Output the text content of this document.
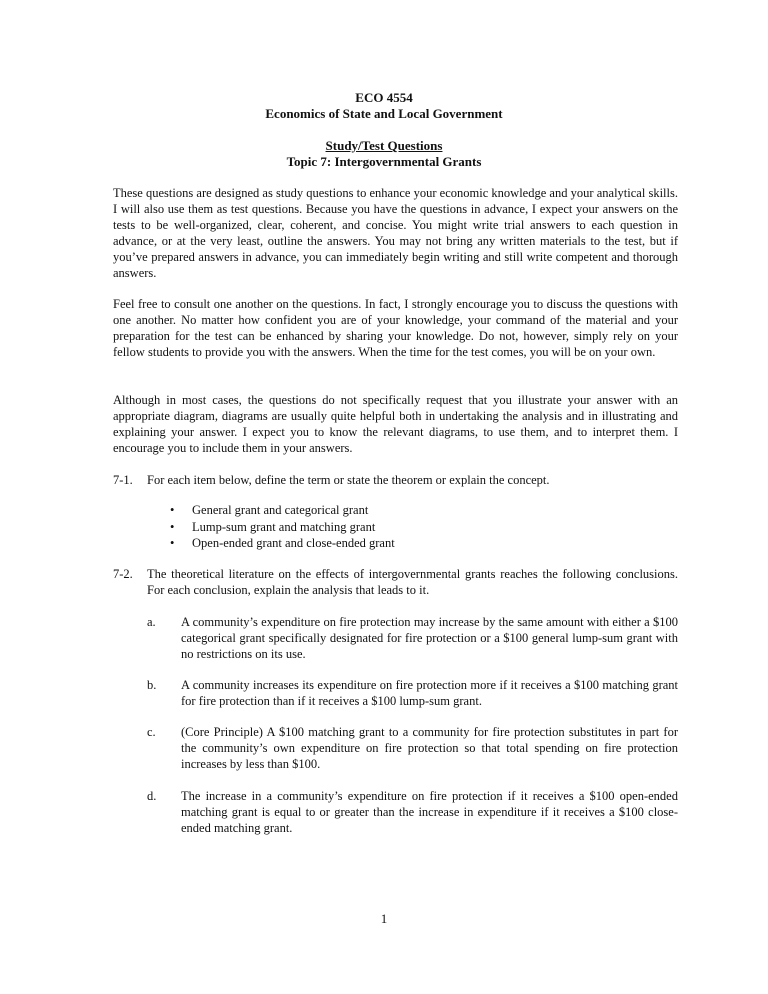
ECO 4554
Economics of State and Local Government
Study/Test Questions
Topic 7: Intergovernmental Grants
These questions are designed as study questions to enhance your economic knowledge and your analytical skills. I will also use them as test questions. Because you have the questions in advance, I expect your answers on the tests to be well-organized, clear, coherent, and concise. You might write trial answers to each question in advance, or at the very least, outline the answers. You may not bring any written materials to the test, but if you’ve prepared answers in advance, you can immediately begin writing and still write competent and thorough answers.
Feel free to consult one another on the questions. In fact, I strongly encourage you to discuss the questions with one another. No matter how confident you are of your knowledge, your command of the material and your preparation for the test can be enhanced by sharing your knowledge. Do not, however, simply rely on your fellow students to provide you with the answers. When the time for the test comes, you will be on your own.
Although in most cases, the questions do not specifically request that you illustrate your answer with an appropriate diagram, diagrams are usually quite helpful both in undertaking the analysis and in illustrating and explaining your answer. I expect you to know the relevant diagrams, to use them, and to interpret them. I encourage you to include them in your answers.
7-1. For each item below, define the term or state the theorem or explain the concept.
• General grant and categorical grant
• Lump-sum grant and matching grant
• Open-ended grant and close-ended grant
7-2. The theoretical literature on the effects of intergovernmental grants reaches the following conclusions. For each conclusion, explain the analysis that leads to it.
a. A community’s expenditure on fire protection may increase by the same amount with either a $100 categorical grant specifically designated for fire protection or a $100 general lump-sum grant with no restrictions on its use.
b. A community increases its expenditure on fire protection more if it receives a $100 matching grant for fire protection than if it receives a $100 lump-sum grant.
c. (Core Principle) A $100 matching grant to a community for fire protection substitutes in part for the community’s own expenditure on fire protection so that total spending on fire protection increases by less than $100.
d. The increase in a community’s expenditure on fire protection if it receives a $100 open-ended matching grant is equal to or greater than the increase in expenditure if it receives a $100 close-ended matching grant.
1
